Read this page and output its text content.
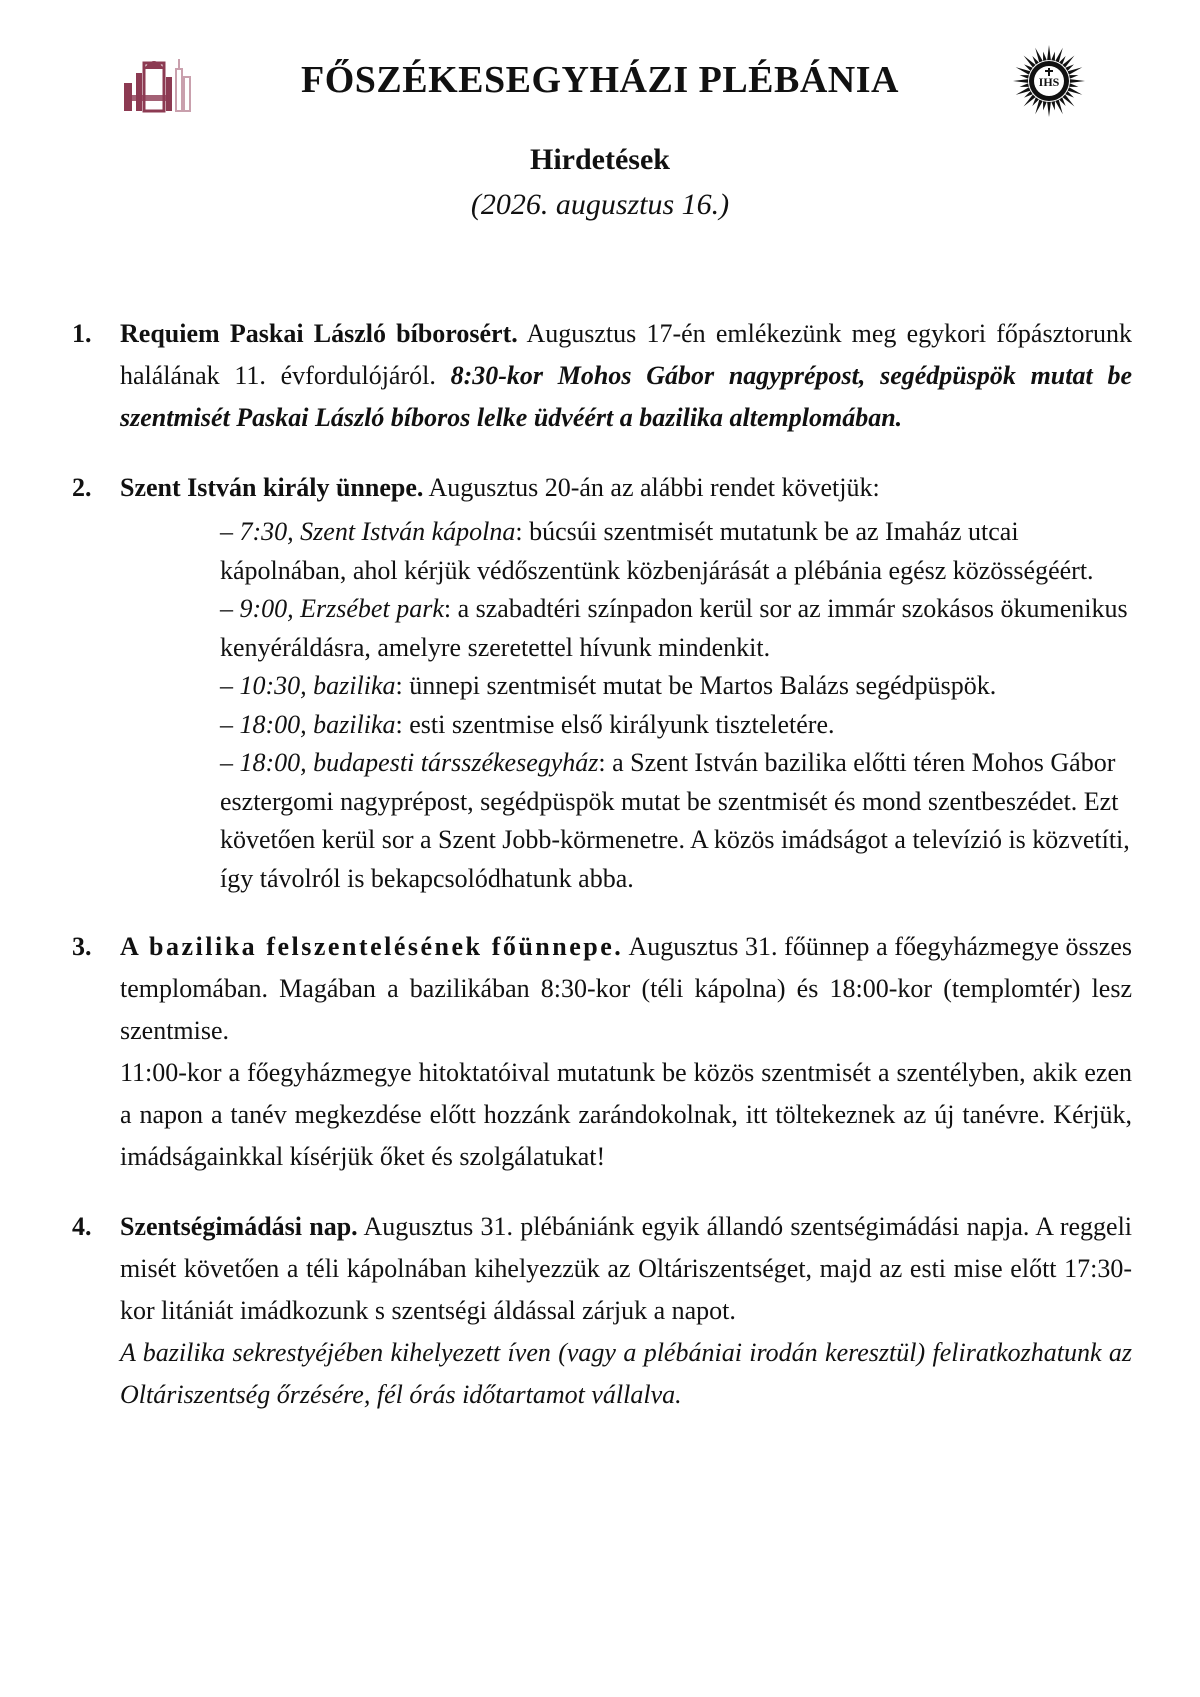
FŐSZÉKESEGYHÁZI PLÉBÁNIA	IHS
Hirdetések
(2026. augusztus 16.)
1. Requiem Paskai László bíborosért. Augusztus 17-én emlékezünk meg egykori főpásztorunk halálának 11. évfordulójáról. 8:30-kor Mohos Gábor nagyprépost, segédpüspök mutat be szentmisét Paskai László bíboros lelke üdvéért a bazilika altemplomában.

2. Szent István király ünnepe. Augusztus 20-án az alábbi rendet követjük:

– 7:30, Szent István kápolna: búcsúi szentmisét mutatunk be az Imaház utcai kápolnában, ahol kérjük védőszentünk közbenjárását a plébánia egész közösségéért.

– 9:00, Erzsébet park: a szabadtéri színpadon kerül sor az immár szokásos ökumenikus kenyéráldásra, amelyre szeretettel hívunk mindenkit.

– 10:30, bazilika: ünnepi szentmisét mutat be Martos Balázs segédpüspök.

– 18:00, bazilika: esti szentmise első királyunk tiszteletére.

– 18:00, budapesti társszékesegyház: a Szent István bazilika előtti téren Mohos Gábor esztergomi nagyprépost, segédpüspök mutat be szentmisét és mond szentbeszédet. Ezt követően kerül sor a Szent Jobb-körmenetre. A közös imádságot a televízió is közvetíti, így távolról is bekapcsolódhatunk abba.

3. A bazilika felszentelésének főünnepe. Augusztus 31. főünnep a főegyházmegye összes templomában. Magában a bazilikában 8:30-kor (téli kápolna) és 18:00-kor (templomtér) lesz szentmise.

11:00-kor a főegyházmegye hitoktatóival mutatunk be közös szentmisét a szentélyben, akik ezen a napon a tanév megkezdése előtt hozzánk zarándokolnak, itt töltekeznek az új tanévre. Kérjük, imádságainkkal kísérjük őket és szolgálatukat!

4. Szentségimádási nap. Augusztus 31. plébániánk egyik állandó szentségimádási napja. A reggeli misét követően a téli kápolnában kihelyezzük az Oltáriszentséget, majd az esti mise előtt 17:30-kor litániát imádkozunk s szentségi áldással zárjuk a napot.

A bazilika sekrestyéjében kihelyezett íven (vagy a plébániai irodán keresztül) feliratkozhatunk az Oltáriszentség őrzésére, fél órás időtartamot vállalva.
